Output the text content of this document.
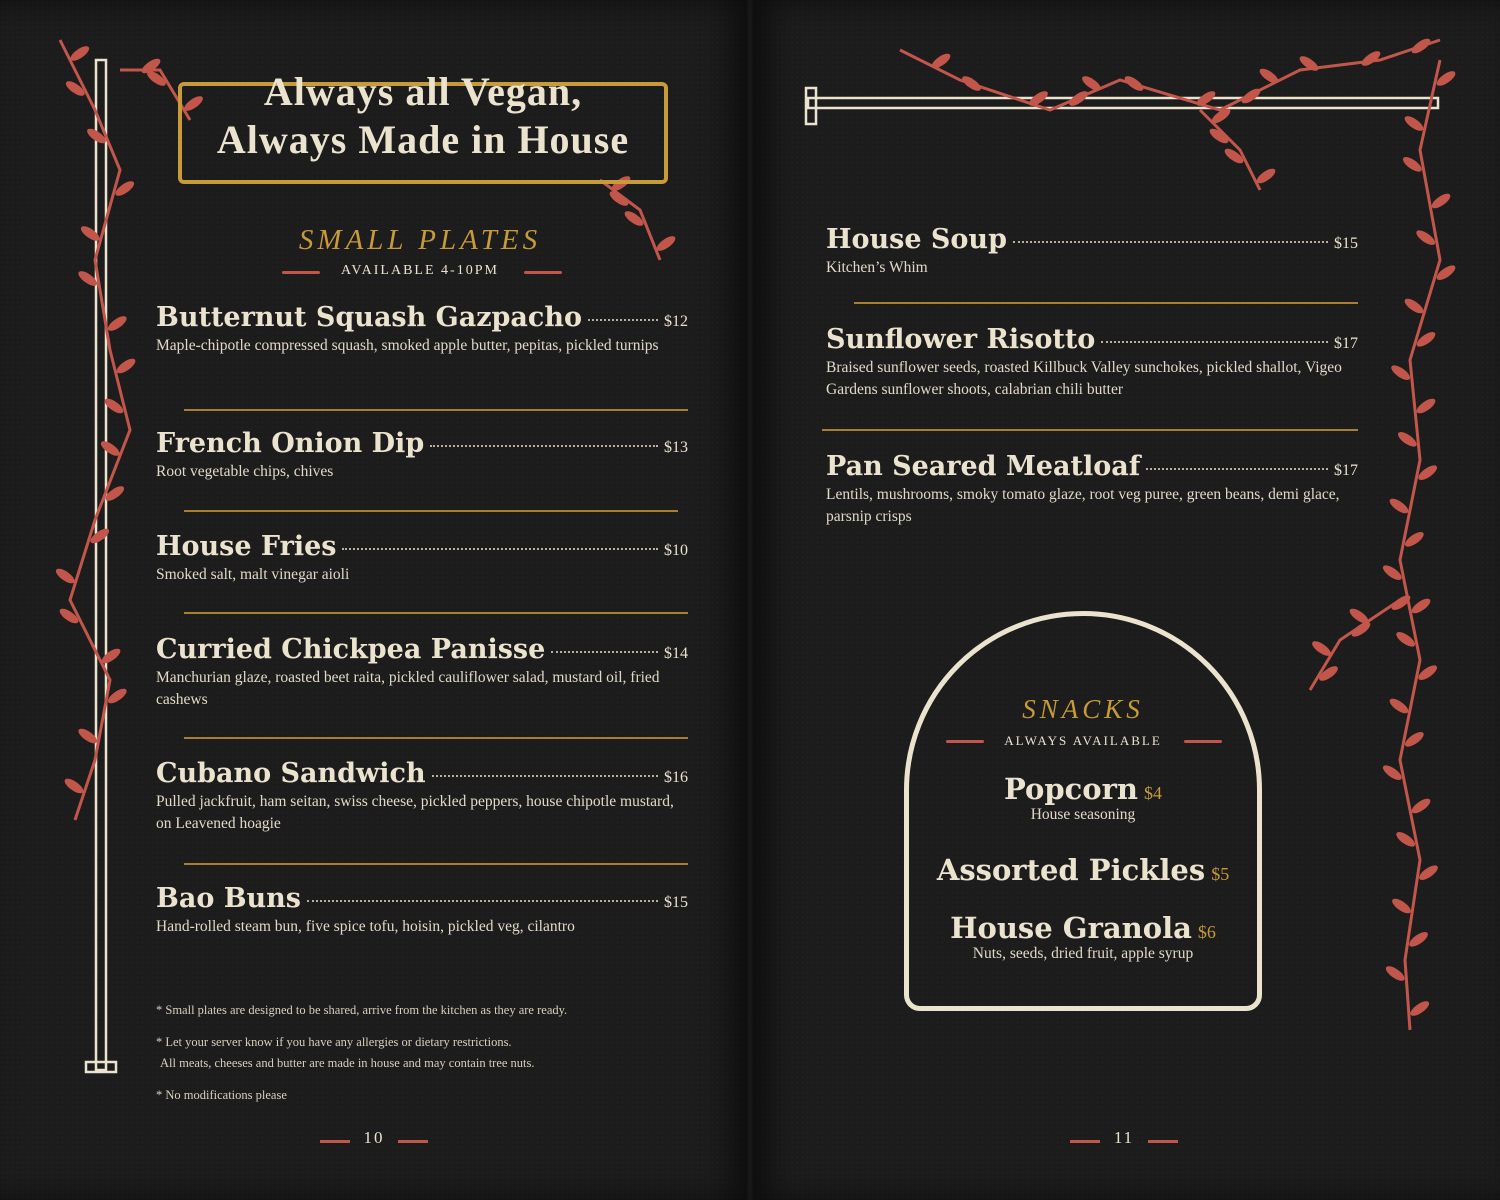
Always all Vegan,
Always Made in House
SMALL PLATES
AVAILABLE 4-10PM
Butternut Squash Gazpacho	$12
Maple-chipotle compressed squash, smoked apple butter, pepitas, pickled turnips
French Onion Dip	$13
Root vegetable chips, chives
House Fries	$10
Smoked salt, malt vinegar aioli
Curried Chickpea Panisse	$14
Manchurian glaze, roasted beet raita, pickled cauliflower salad, mustard oil, fried cashews
Cubano Sandwich	$16
Pulled jackfruit, ham seitan, swiss cheese, pickled peppers, house chipotle mustard, on Leavened hoagie
Bao Buns	$15
Hand-rolled steam bun, five spice tofu, hoisin, pickled veg, cilantro
* Small plates are designed to be shared, arrive from the kitchen as they are ready.
* Let your server know if you have any allergies or dietary restrictions.
All meats, cheeses and butter are made in house and may contain tree nuts.
* No modifications please
House Soup	$15
Kitchen’s Whim
Sunflower Risotto	$17
Braised sunflower seeds, roasted Killbuck Valley sunchokes, pickled shallot, Vigeo Gardens sunflower shoots, calabrian chili butter
Pan Seared Meatloaf	$17
Lentils, mushrooms, smoky tomato glaze, root veg puree, green beans, demi glace, parsnip crisps
SNACKS
ALWAYS AVAILABLE
Popcorn $4
House seasoning
Assorted Pickles $5
House Granola $6
Nuts, seeds, dried fruit, apple syrup
10	11
